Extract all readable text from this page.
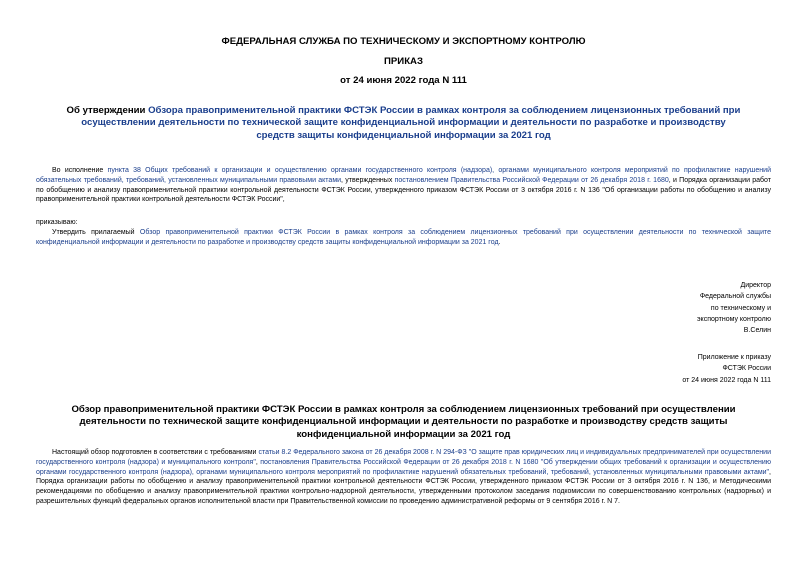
ФЕДЕРАЛЬНАЯ СЛУЖБА ПО ТЕХНИЧЕСКОМУ И ЭКСПОРТНОМУ КОНТРОЛЮ
ПРИКАЗ
от 24 июня 2022 года N 111
Об утверждении Обзора правоприменительной практики ФСТЭК России в рамках контроля за соблюдением лицензионных требований при осуществлении деятельности по технической защите конфиденциальной информации и деятельности по разработке и производству средств защиты конфиденциальной информации за 2021 год
Во исполнение пункта 38 Общих требований к организации и осуществлению органами государственного контроля (надзора), органами муниципального контроля мероприятий по профилактике нарушений обязательных требований, требований, установленных муниципальными правовыми актами, утвержденных постановлением Правительства Российской Федерации от 26 декабря 2018 г. 1680, и Порядка организации работ по обобщению и анализу правоприменительной практики контрольной деятельности ФСТЭК России, утвержденного приказом ФСТЭК России от 3 октября 2016 г. N 136 "Об организации работы по обобщению и анализу правоприменительной практики контрольной деятельности ФСТЭК России",
приказываю:
Утвердить прилагаемый Обзор правоприменительной практики ФСТЭК России в рамках контроля за соблюдением лицензионных требований при осуществлении деятельности по технической защите конфиденциальной информации и деятельности по разработке и производству средств защиты конфиденциальной информации за 2021 год.
Директор
Федеральной службы
по техническому и
экспортному контролю
В.Селин
Приложение к приказу
ФСТЭК России
от 24 июня 2022 года N 111
Обзор правоприменительной практики ФСТЭК России в рамках контроля за соблюдением лицензионных требований при осуществлении деятельности по технической защите конфиденциальной информации и деятельности по разработке и производству средств защиты конфиденциальной информации за 2021 год
Настоящий обзор подготовлен в соответствии с требованиями статьи 8.2 Федерального закона от 26 декабря 2008 г. N 294-ФЗ "О защите прав юридических лиц и индивидуальных предпринимателей при осуществлении государственного контроля (надзора) и муниципального контроля", постановления Правительства Российской Федерации от 26 декабря 2018 г. N 1680 "Об утверждении общих требований к организации и осуществлению органами государственного контроля (надзора), органами муниципального контроля мероприятий по профилактике нарушений обязательных требований, требований, установленных муниципальными правовыми актами", Порядка организации работы по обобщению и анализу правоприменительной практики контрольной деятельности ФСТЭК России, утвержденного приказом ФСТЭК России от 3 октября 2016 г. N 136, и Методическими рекомендациями по обобщению и анализу правоприменительной практики контрольно-надзорной деятельности, утвержденными протоколом заседания подкомиссии по совершенствованию контрольных (надзорных) и разрешительных функций федеральных органов исполнительной власти при Правительственной комиссии по проведению административной реформы от 9 сентября 2016 г. N 7.
